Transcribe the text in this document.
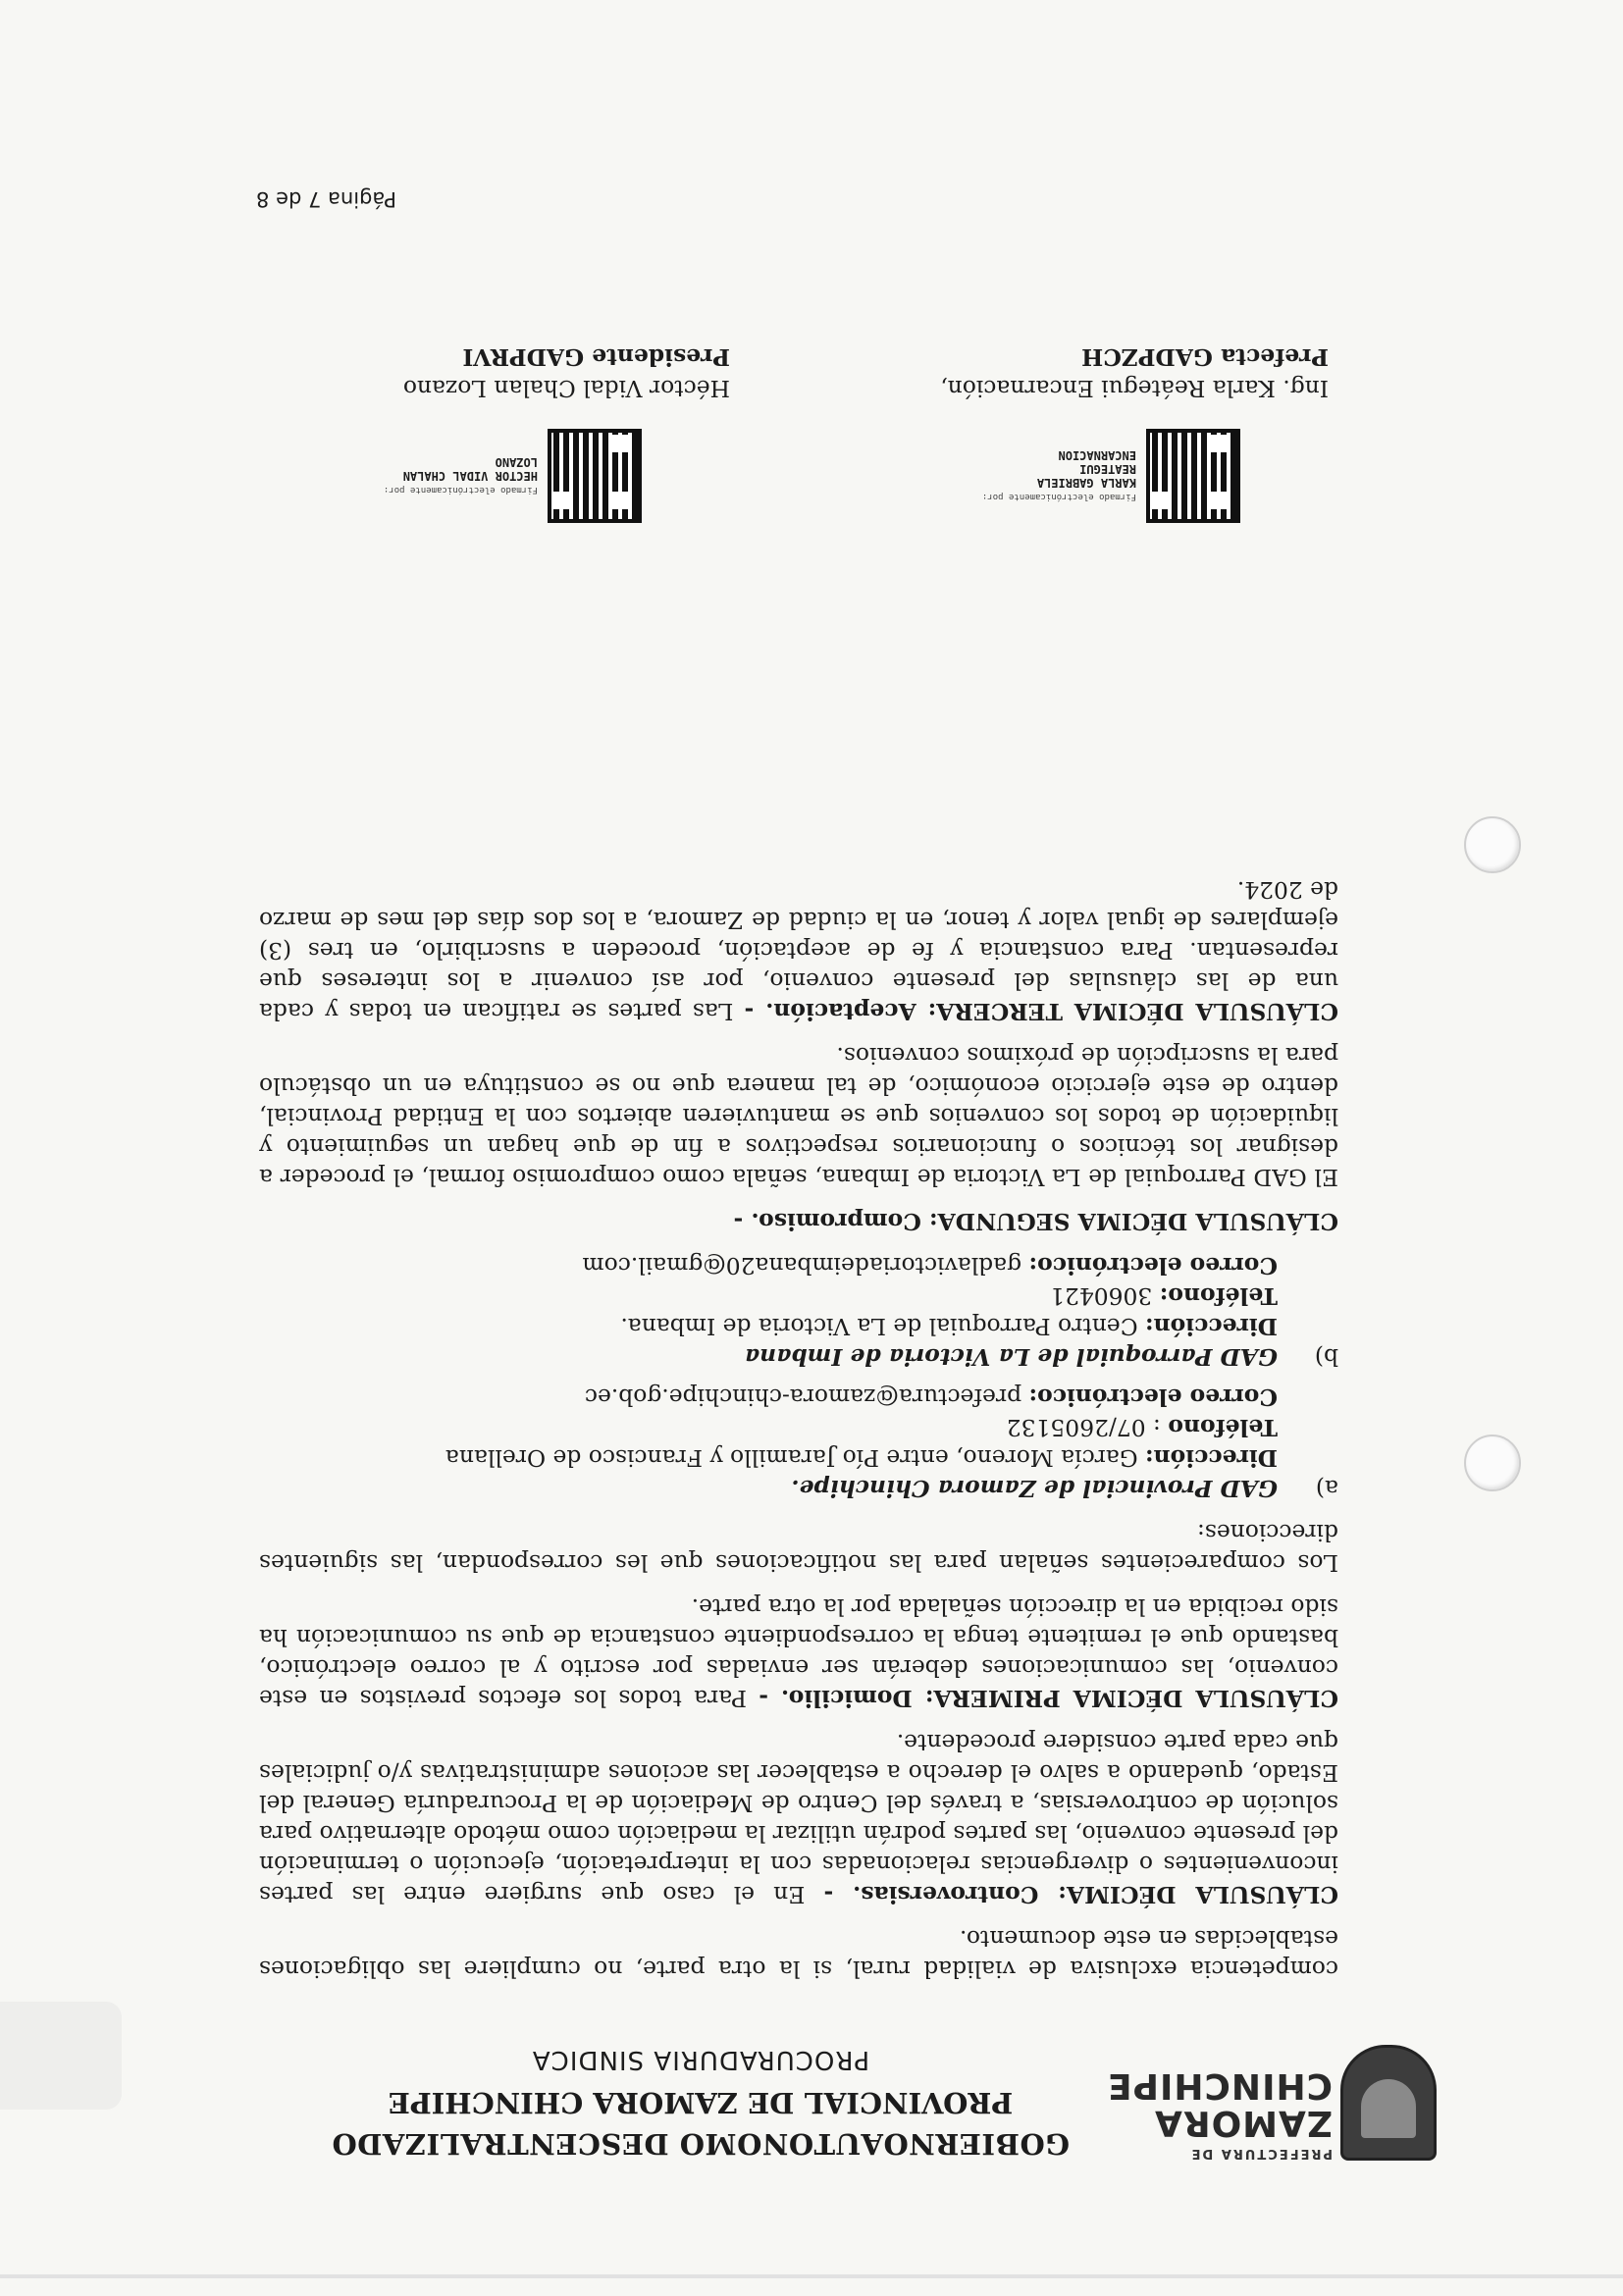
PREFECTURA DE
ZAMORA
CHINCHIPE
GOBIERNOAUTONOMO DESCENTRALIZADO
PROVINCIAL DE ZAMORA CHINCHIPE
PROCURADURIA SINDICA

competencia exclusiva de vialidad rural, si la otra parte, no cumpliere las obligaciones establecidas en este documento.

CLÁUSULA DÉCIMA: Controversias. - En el caso que surgiere entre las partes inconvenientes o divergencias relacionadas con la interpretación, ejecución o terminación del presente convenio, las partes podrán utilizar la mediación como método alternativo para solución de controversias, a través del Centro de Mediación de la Procuraduría General del Estado, quedando a salvo el derecho a establecer las acciones administrativas y/o judiciales que cada parte considere procedente.

CLÁUSULA DÉCIMA PRIMERA: Domicilio. - Para todos los efectos previstos en este convenio, las comunicaciones deberán ser enviadas por escrito y al correo electrónico, bastando que el remitente tenga la correspondiente constancia de que su comunicación ha sido recibida en la dirección señalada por la otra parte.

Los comparecientes señalan para las notificaciones que les correspondan, las siguientes direcciones:

a)
GAD Provincial de Zamora Chinchipe.
Dirección: García Moreno, entre Pío Jaramillo y Francisco de Orellana
Teléfono : 07/2605132
Correo electrónico: prefectura@zamora-chinchipe.gob.ec
b)
GAD Parroquial de La Victoria de Imbana
Dirección: Centro Parroquial de La Victoria de Imbana.
Teléfono: 3060421
Correo electrónico: gadlavictoriadeimbana20@gmail.com

CLÁUSULA DÉCIMA SEGUNDA: Compromiso. -

El GAD Parroquial de La Victoria de Imbana, señala como compromiso formal, el proceder a designar los técnicos o funcionarios respectivos a fin de que hagan un seguimiento y liquidación de todos los convenios que se mantuvieren abiertos con la Entidad Provincial, dentro de este ejercicio económico, de tal manera que no se constituya en un obstáculo para la suscripción de próximos convenios.

CLÁUSULA DÉCIMA TERCERA: Aceptación. - Las partes se ratifican en todas y cada una de las cláusulas del presente convenio, por así convenir a los intereses que representan. Para constancia y fe de aceptación, proceden a suscribirlo, en tres (3) ejemplares de igual valor y tenor, en la ciudad de Zamora, a los dos días del mes de marzo de 2024.

Firmado electrónicamente por:
KARLA GABRIELA
REATEGUI
ENCARNACION
Ing. Karla Reátegui Encarnación,
Prefecta GADPZCH
Firmado electrónicamente por:
HECTOR VIDAL CHALAN
LOZANO
Héctor Vidal Chalan Lozano
Presidente GADPRVI
Página 7 de 8
